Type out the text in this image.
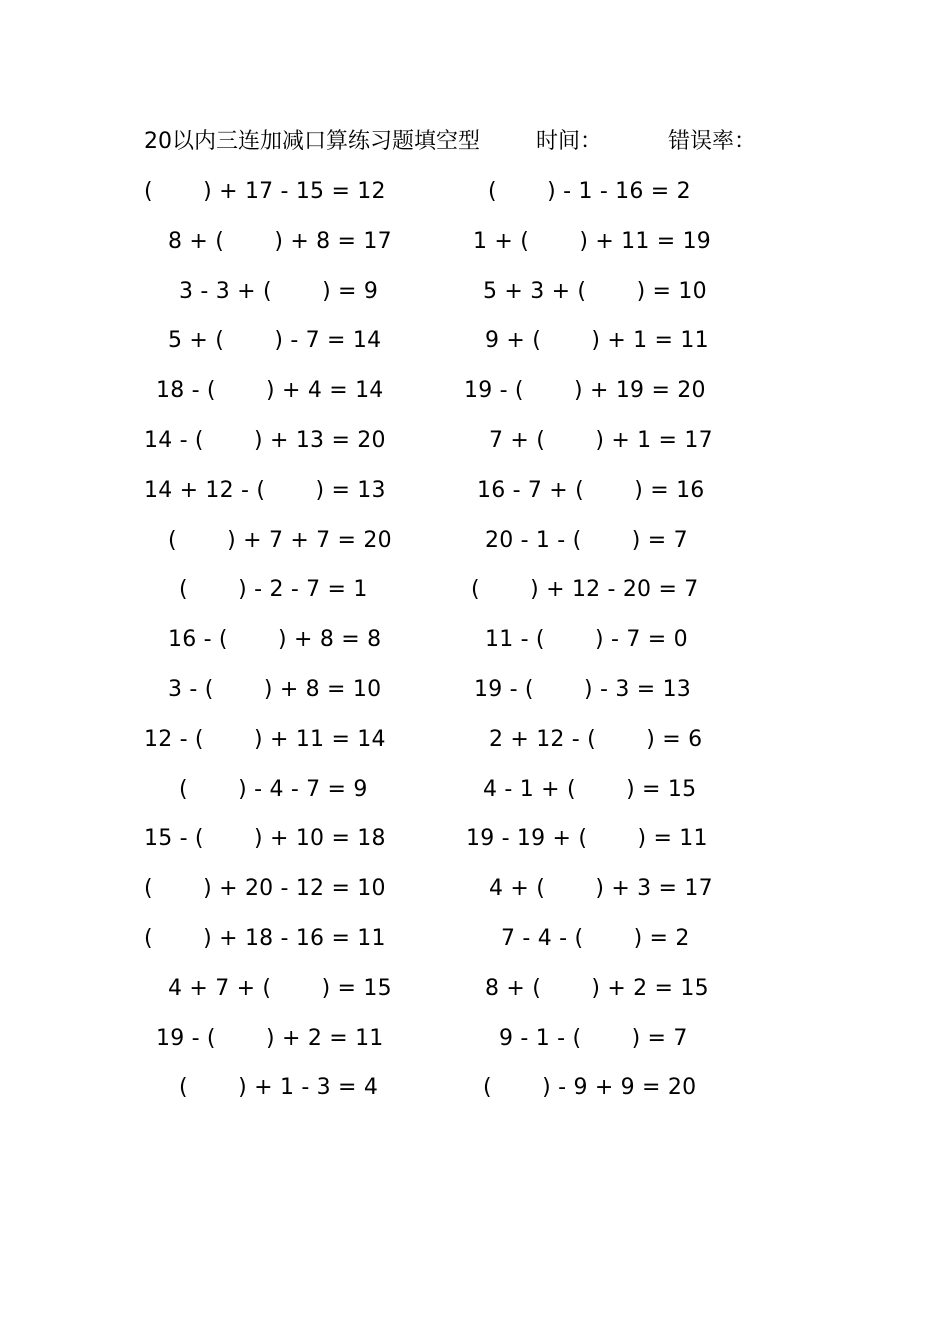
20以内三连加减口算练习题填空型	时间：	错误率：
(       ) + 17 - 15 = 12	(       ) - 1 - 16 = 2
8 + (       ) + 8 = 17	1 + (       ) + 11 = 19
3 - 3 + (       ) = 9	5 + 3 + (       ) = 10
5 + (       ) - 7 = 14	9 + (       ) + 1 = 11
18 - (       ) + 4 = 14	19 - (       ) + 19 = 20
14 - (       ) + 13 = 20	7 + (       ) + 1 = 17
14 + 12 - (       ) = 13	16 - 7 + (       ) = 16
(       ) + 7 + 7 = 20	20 - 1 - (       ) = 7
(       ) - 2 - 7 = 1	(       ) + 12 - 20 = 7
16 - (       ) + 8 = 8	11 - (       ) - 7 = 0
3 - (       ) + 8 = 10	19 - (       ) - 3 = 13
12 - (       ) + 11 = 14	2 + 12 - (       ) = 6
(       ) - 4 - 7 = 9	4 - 1 + (       ) = 15
15 - (       ) + 10 = 18	19 - 19 + (       ) = 11
(       ) + 20 - 12 = 10	4 + (       ) + 3 = 17
(       ) + 18 - 16 = 11	7 - 4 - (       ) = 2
4 + 7 + (       ) = 15	8 + (       ) + 2 = 15
19 - (       ) + 2 = 11	9 - 1 - (       ) = 7
(       ) + 1 - 3 = 4	(       ) - 9 + 9 = 20
